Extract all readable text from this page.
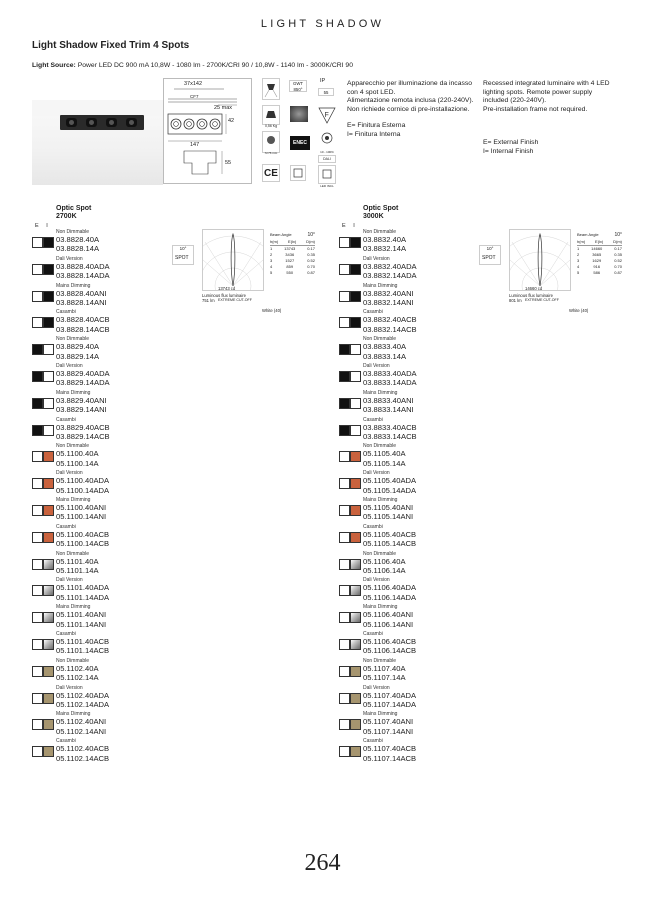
LIGHT SHADOW
Light Shadow Fixed Trim 4 Spots
Light Source: Power LED DC 900 mA 10,8W - 1080 lm - 2700K/CRI 90 / 10,8W - 1140 lm - 3000K/CRI 90
37x142
CF7
25 max
42
147
55
GWT 850°
IP
55
0,56 Kg
F
h=76 mm
ENEC
10 - 100%
DALI
CE
LED INCL
Apparecchio per illuminazione da incasso con 4 spot LED.
Alimentazione remota inclusa (220-240V).
Non richiede cornice di pre-installazione.
E= Finitura Esterna
I= Finitura Interna
Recessed integrated luminaire with 4 LED lighting spots. Remote power supply included (220-240V).
Pre-installation frame not required.
E= External Finish
I= Internal Finish
Optic Spot
2700K
E I
10°
SPOT
13743 cd
Luminous flux luminaire
751 lm EXTREME CUT-OFF
White (40)
Beam Angle	10°
h(m) E(lx) D(m)
1	13743	0.17
2	3436	0.35
3	1527	0.52
4	859	0.70
5	550	0.87
Non Dimmable
03.8828.40A
03.8828.14A
Dali Version
03.8828.40ADA
03.8828.14ADA
Mains Dimming
03.8828.40ANI
03.8828.14ANI
Casambi
03.8828.40ACB
03.8828.14ACB
Non Dimmable
03.8829.40A
03.8829.14A
Dali Version
03.8829.40ADA
03.8829.14ADA
Mains Dimming
03.8829.40ANI
03.8829.14ANI
Casambi
03.8829.40ACB
03.8829.14ACB
Non Dimmable
05.1100.40A
05.1100.14A
Dali Version
05.1100.40ADA
05.1100.14ADA
Mains Dimming
05.1100.40ANI
05.1100.14ANI
Casambi
05.1100.40ACB
05.1100.14ACB
Non Dimmable
05.1101.40A
05.1101.14A
Dali Version
05.1101.40ADA
05.1101.14ADA
Mains Dimming
05.1101.40ANI
05.1101.14ANI
Casambi
05.1101.40ACB
05.1101.14ACB
Non Dimmable
05.1102.40A
05.1102.14A
Dali Version
05.1102.40ADA
05.1102.14ADA
Mains Dimming
05.1102.40ANI
05.1102.14ANI
Casambi
05.1102.40ACB
05.1102.14ACB
Optic Spot
3000K
E I
10°
SPOT
14660 cd
Luminous flux luminaire
801 lm EXTREME CUT-OFF
White (40)
Beam Angle	10°
h(m) E(lx) D(m)
1	14660	0.17
2	3665	0.35
3	1629	0.52
4	916	0.70
5	586	0.87
Non Dimmable
03.8832.40A
03.8832.14A
Dali Version
03.8832.40ADA
03.8832.14ADA
Mains Dimming
03.8832.40ANI
03.8832.14ANI
Casambi
03.8832.40ACB
03.8832.14ACB
Non Dimmable
03.8833.40A
03.8833.14A
Dali Version
03.8833.40ADA
03.8833.14ADA
Mains Dimming
03.8833.40ANI
03.8833.14ANI
Casambi
03.8833.40ACB
03.8833.14ACB
Non Dimmable
05.1105.40A
05.1105.14A
Dali Version
05.1105.40ADA
05.1105.14ADA
Mains Dimming
05.1105.40ANI
05.1105.14ANI
Casambi
05.1105.40ACB
05.1105.14ACB
Non Dimmable
05.1106.40A
05.1106.14A
Dali Version
05.1106.40ADA
05.1106.14ADA
Mains Dimming
05.1106.40ANI
05.1106.14ANI
Casambi
05.1106.40ACB
05.1106.14ACB
Non Dimmable
05.1107.40A
05.1107.14A
Dali Version
05.1107.40ADA
05.1107.14ADA
Mains Dimming
05.1107.40ANI
05.1107.14ANI
Casambi
05.1107.40ACB
05.1107.14ACB
264
